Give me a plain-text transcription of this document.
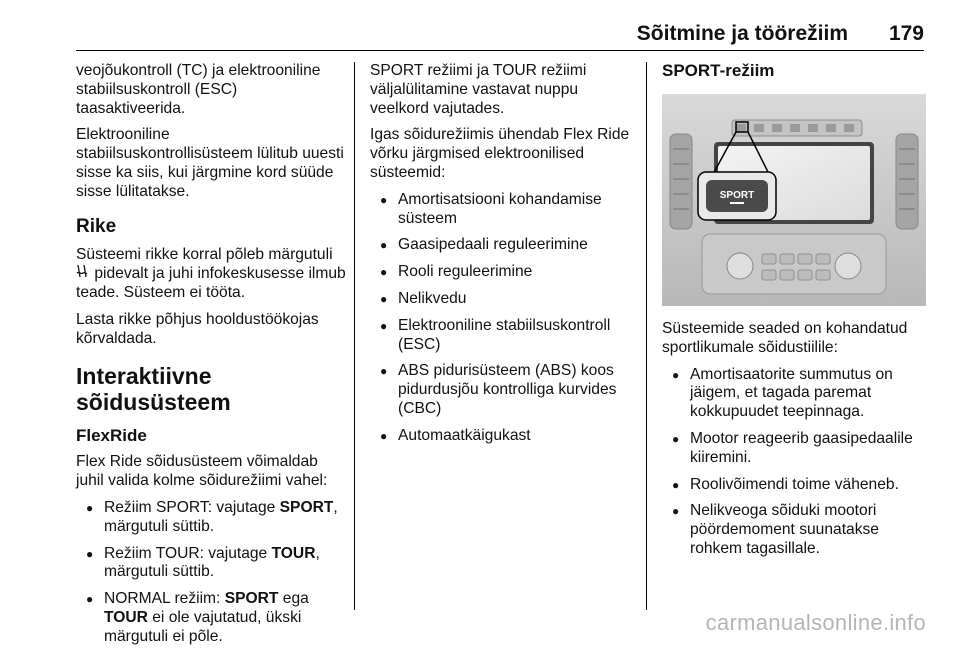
Sõitmine ja töörežiim 179

veojõukontroll (TC) ja elektrooniline stabiilsuskontroll (ESC) taasaktiveerida.

Elektrooniline stabiilsuskontrollisüsteem lülitub uuesti sisse ka siis, kui järgmine kord süüde sisse lülitatakse.

Rike

Süsteemi rikke korral põleb märgutuli
pidevalt ja juhi infokeskusesse ilmub teade. Süsteem ei tööta.

Lasta rikke põhjus hooldustöökojas kõrvaldada.

Interaktiivne sõidusüsteem
FlexRide

Flex Ride sõidusüsteem võimaldab juhil valida kolme sõidurežiimi vahel:

● Režiim SPORT: vajutage SPORT, märgutuli süttib.
● Režiim TOUR: vajutage TOUR, märgutuli süttib.
● NORMAL režiim: SPORT ega TOUR ei ole vajutatud, ükski märgutuli ei põle.

SPORT režiimi ja TOUR režiimi väljalülitamine vastavat nuppu veelkord vajutades.

Igas sõidurežiimis ühendab Flex Ride võrku järgmised elektroonilised süsteemid:

● Amortisatsiooni kohandamise süsteem
● Gaasipedaali reguleerimine
● Rooli reguleerimine
● Nelikvedu
● Elektrooniline stabiilsuskontroll (ESC)
● ABS pidurisüsteem (ABS) koos pidurdusjõu kontrolliga kurvides (CBC)
● Automaatkäigukast
SPORT-režiim
SPORT

Süsteemide seaded on kohandatud sportlikumale sõidustiilile:

● Amortisaatorite summutus on jäigem, et tagada paremat kokkupuudet teepinnaga.
● Mootor reageerib gaasipedaalile kiiremini.
● Roolivõimendi toime väheneb.
● Nelikveoga sõiduki mootori pöördemoment suunatakse rohkem tagasillale.
carmanualsonline.info
